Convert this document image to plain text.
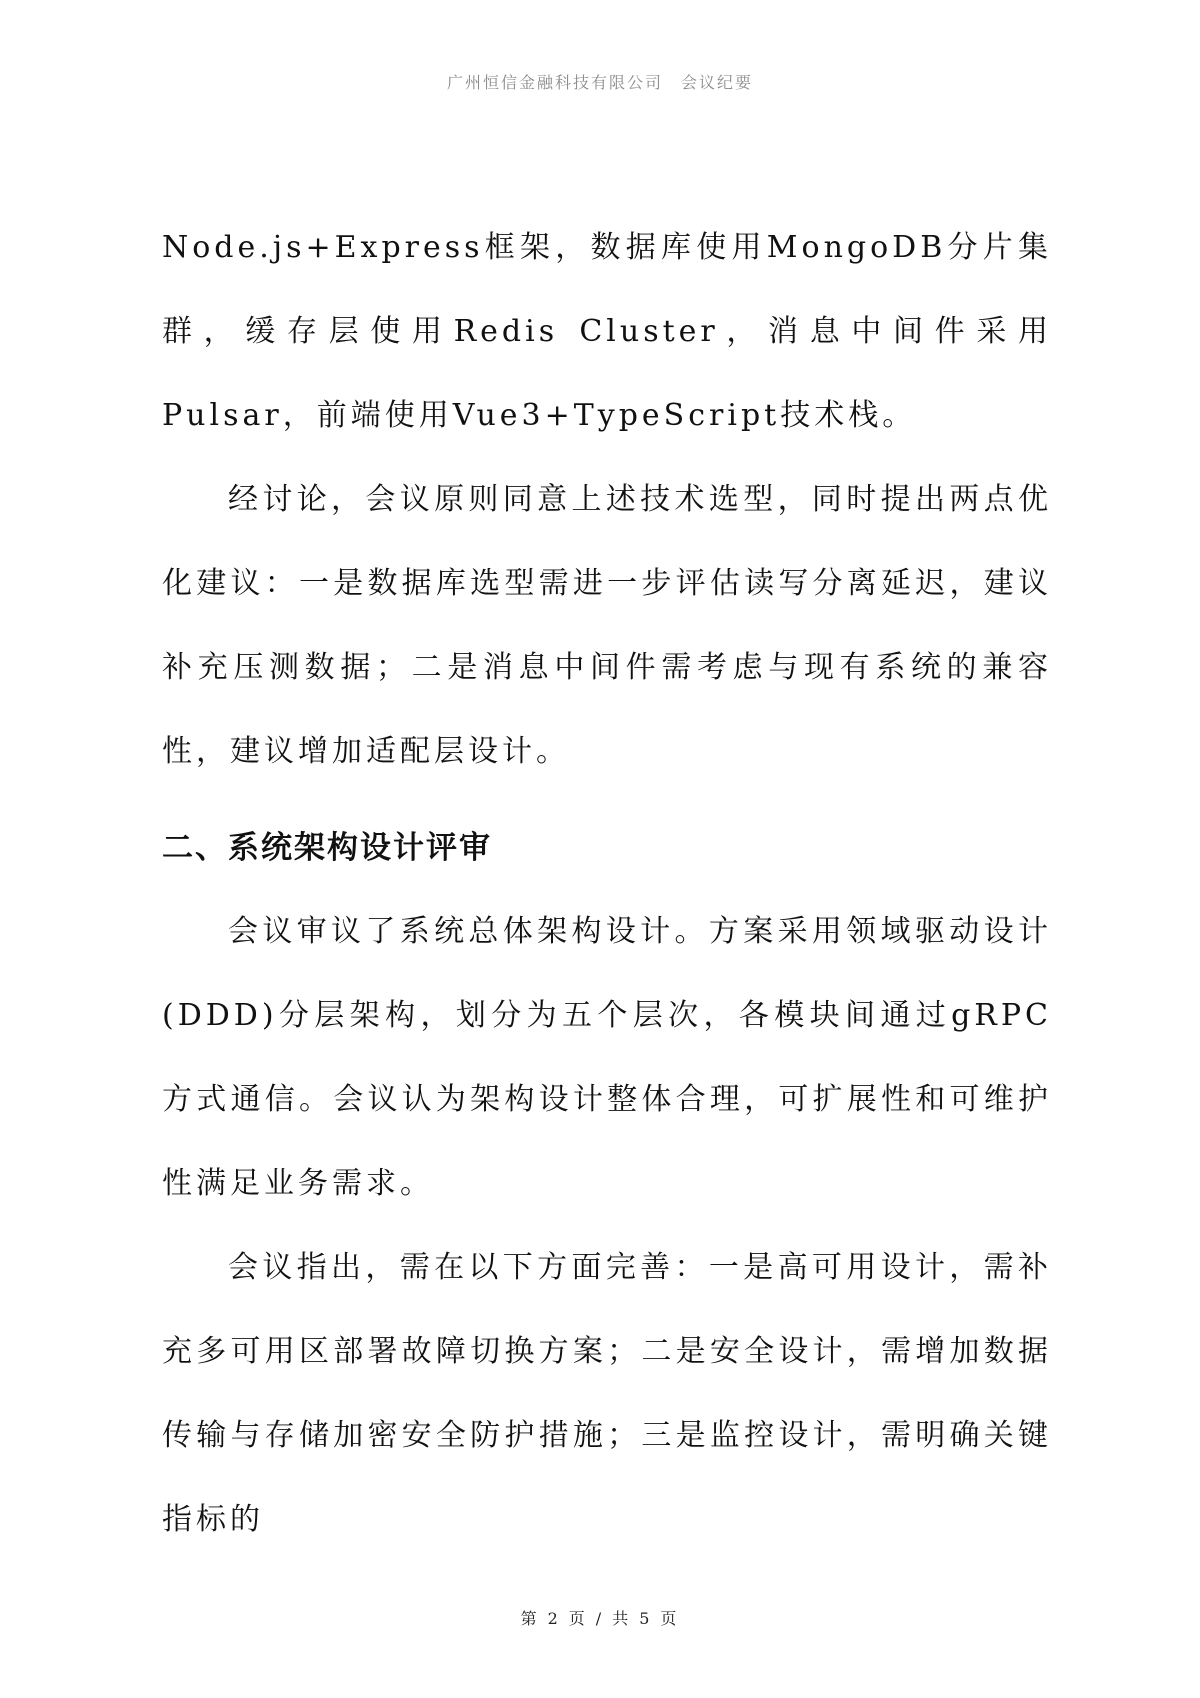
广州恒信金融科技有限公司 会议纪要

Node.js+Express框架，数据库使用MongoDB分片集群，缓存层使用Redis Cluster，消息中间件采用Pulsar，前端使用Vue3+TypeScript技术栈。

经讨论，会议原则同意上述技术选型，同时提出两点优化建议：一是数据库选型需进一步评估读写分离延迟，建议补充压测数据；二是消息中间件需考虑与现有系统的兼容性，建议增加适配层设计。

二、系统架构设计评审

会议审议了系统总体架构设计。方案采用领域驱动设计(DDD)分层架构，划分为五个层次，各模块间通过gRPC方式通信。会议认为架构设计整体合理，可扩展性和可维护性满足业务需求。

会议指出，需在以下方面完善：一是高可用设计，需补充多可用区部署故障切换方案；二是安全设计，需增加数据传输与存储加密安全防护措施；三是监控设计，需明确关键指标的

第 2 页 / 共 5 页
